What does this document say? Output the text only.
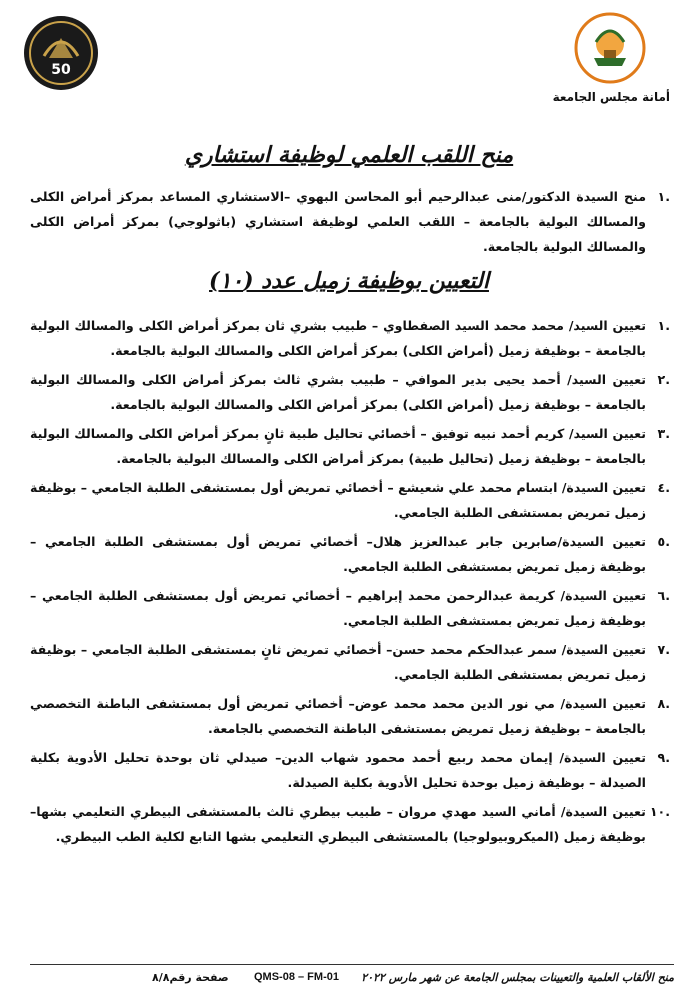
50
أمانة مجلس الجامعة
منح اللقب العلمي لوظيفة استشاري
.١
منح السيدة الدكتور/منى عبدالرحيم أبو المحاسن البهوي –الاستشاري المساعد بمركز أمراض الكلى والمسالك البولية بالجامعة – اللقب العلمي لوظيفة استشاري (باثولوجي) بمركز أمراض الكلى والمسالك البولية بالجامعة.
التعيين بوظيفة زميل عدد (١٠)
.١
تعيين السيد/ محمد محمد السيد الصفطاوي – طبيب بشري ثان بمركز أمراض الكلى والمسالك البولية بالجامعة – بوظيفة زميل (أمراض الكلى) بمركز أمراض الكلى والمسالك البولية بالجامعة.
.٢
تعيين السيد/ أحمد يحيى بدير الموافي – طبيب بشري ثالث بمركز أمراض الكلى والمسالك البولية بالجامعة – بوظيفة زميل (أمراض الكلى) بمركز أمراض الكلى والمسالك البولية بالجامعة.
.٣
تعيين السيد/ كريم أحمد نبيه توفيق – أخصائي تحاليل طبية ثانٍ بمركز أمراض الكلى والمسالك البولية بالجامعة – بوظيفة زميل (تحاليل طبية) بمركز أمراض الكلى والمسالك البولية بالجامعة.
.٤
تعيين السيدة/ ابتسام محمد علي شعيشع – أخصائي تمريض أول بمستشفى الطلبة الجامعي – بوظيفة زميل تمريض بمستشفى الطلبة الجامعي.
.٥
تعيين السيدة/صابرين جابر عبدالعزيز هلال– أخصائي تمريض أول بمستشفى الطلبة الجامعي – بوظيفة زميل تمريض بمستشفى الطلبة الجامعي.
.٦
تعيين السيدة/ كريمة عبدالرحمن محمد إبراهيم – أخصائي تمريض أول بمستشفى الطلبة الجامعي – بوظيفة زميل تمريض بمستشفى الطلبة الجامعي.
.٧
تعيين السيدة/ سمر عبدالحكم محمد حسن– أخصائي تمريض ثانٍ بمستشفى الطلبة الجامعي – بوظيفة زميل تمريض بمستشفى الطلبة الجامعي.
.٨
تعيين السيدة/ مي نور الدين محمد محمد عوض– أخصائي تمريض أول بمستشفى الباطنة التخصصي بالجامعة – بوظيفة زميل تمريض بمستشفى الباطنة التخصصي بالجامعة.
.٩
تعيين السيدة/ إيمان محمد ربيع أحمد محمود شهاب الدين– صيدلي ثان بوحدة تحليل الأدوية بكلية الصيدلة – بوظيفة زميل بوحدة تحليل الأدوية بكلية الصيدلة.
.١٠
تعيين السيدة/ أماني السيد مهدي مروان – طبيب بيطري ثالث بالمستشفى البيطري التعليمي بشها– بوظيفة زميل (الميكروبيولوجيا) بالمستشفى البيطري التعليمي بشها التابع لكلية الطب البيطري.
صفحة رقم٨/٨ QMS-08 – FM-01 منح الألقاب العلمية والتعيينات بمجلس الجامعة عن شهر مارس ٢٠٢٢
